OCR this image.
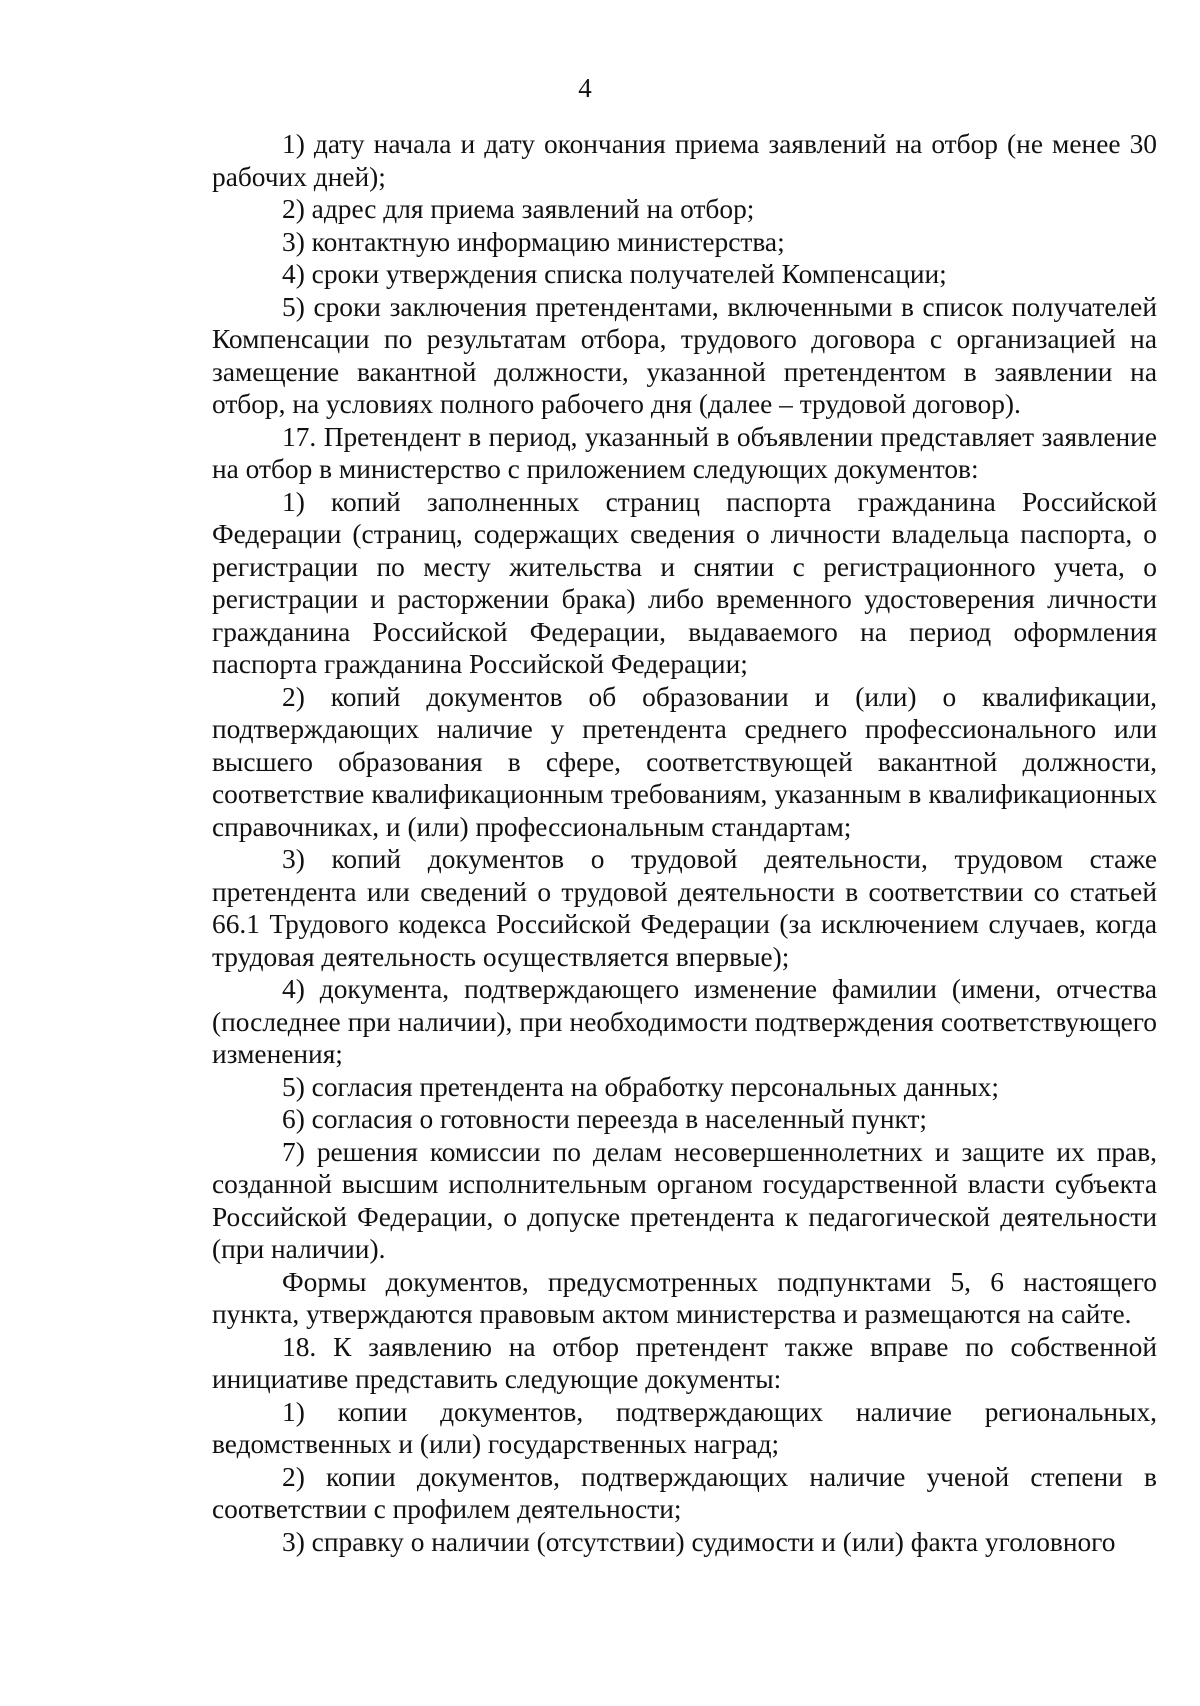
4

1) дату начала и дату окончания приема заявлений на отбор (не менее 30 рабочих дней);

2) адрес для приема заявлений на отбор;

3) контактную информацию министерства;

4) сроки утверждения списка получателей Компенсации;

5) сроки заключения претендентами, включенными в список получателей Компенсации по результатам отбора, трудового договора с организацией на замещение вакантной должности, указанной претендентом в заявлении на отбор, на условиях полного рабочего дня (далее – трудовой договор).

17. Претендент в период, указанный в объявлении представляет заявление на отбор в министерство с приложением следующих документов:

1) копий заполненных страниц паспорта гражданина Российской Федерации (страниц, содержащих сведения о личности владельца паспорта, о регистрации по месту жительства и снятии с регистрационного учета, о регистрации и расторжении брака) либо временного удостоверения личности гражданина Российской Федерации, выдаваемого на период оформления паспорта гражданина Российской Федерации;

2) копий документов об образовании и (или) о квалификации, подтверждающих наличие у претендента среднего профессионального или высшего образования в сфере, соответствующей вакантной должности, соответствие квалификационным требованиям, указанным в квалификационных справочниках, и (или) профессиональным стандартам;

3) копий документов о трудовой деятельности, трудовом стаже претендента или сведений о трудовой деятельности в соответствии со статьей 66.1 Трудового кодекса Российской Федерации (за исключением случаев, когда трудовая деятельность осуществляется впервые);

4) документа, подтверждающего изменение фамилии (имени, отчества (последнее при наличии), при необходимости подтверждения соответствующего изменения;

5) согласия претендента на обработку персональных данных;

6) согласия о готовности переезда в населенный пункт;

7) решения комиссии по делам несовершеннолетних и защите их прав, созданной высшим исполнительным органом государственной власти субъекта Российской Федерации, о допуске претендента к педагогической деятельности (при наличии).

Формы документов, предусмотренных подпунктами 5, 6 настоящего пункта, утверждаются правовым актом министерства и размещаются на сайте.

18. К заявлению на отбор претендент также вправе по собственной инициативе представить следующие документы:

1) копии документов, подтверждающих наличие региональных, ведомственных и (или) государственных наград;

2) копии документов, подтверждающих наличие ученой степени в соответствии с профилем деятельности;

3) справку о наличии (отсутствии) судимости и (или) факта уголовного
